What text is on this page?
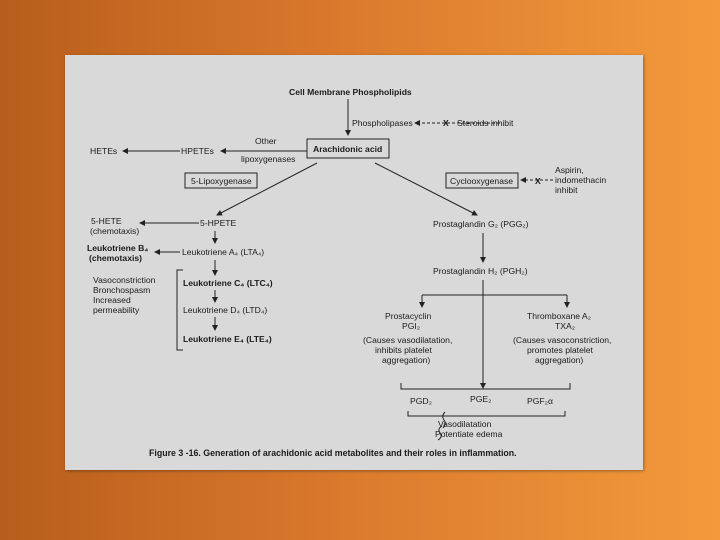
Cell Membrane Phospholipids
Phospholipases	X Steroids inhibit
Arachidonic acid
HPETEs
HETEs
Other
lipoxygenases
5-Lipoxygenase	Cyclooxygenase	X
Aspirin,
indomethacin
inhibit
5-HPETE
5-HETE
(chemotaxis)
Leukotriene B₄
(chemotaxis)
Leukotriene A₄ (LTA₄)
Vasoconstriction
Bronchospasm
Increased
permeability
Leukotriene C₄ (LTC₄)
Leukotriene D₄ (LTD₄)
Leukotriene E₄ (LTE₄)
Prostaglandin G₂ (PGG₂)
Prostaglandin H₂ (PGH₂)
Prostacyclin
PGI₂
(Causes vasodilatation,
inhibits platelet
aggregation)
Thromboxane A₂
TXA₂
(Causes vasoconstriction,
promotes platelet
aggregation)
PGD₂	PGE₂	PGF₂α
Vasodilatation
Potentiate edema
Figure 3 -16. Generation of arachidonic acid metabolites and their roles in inflammation.
